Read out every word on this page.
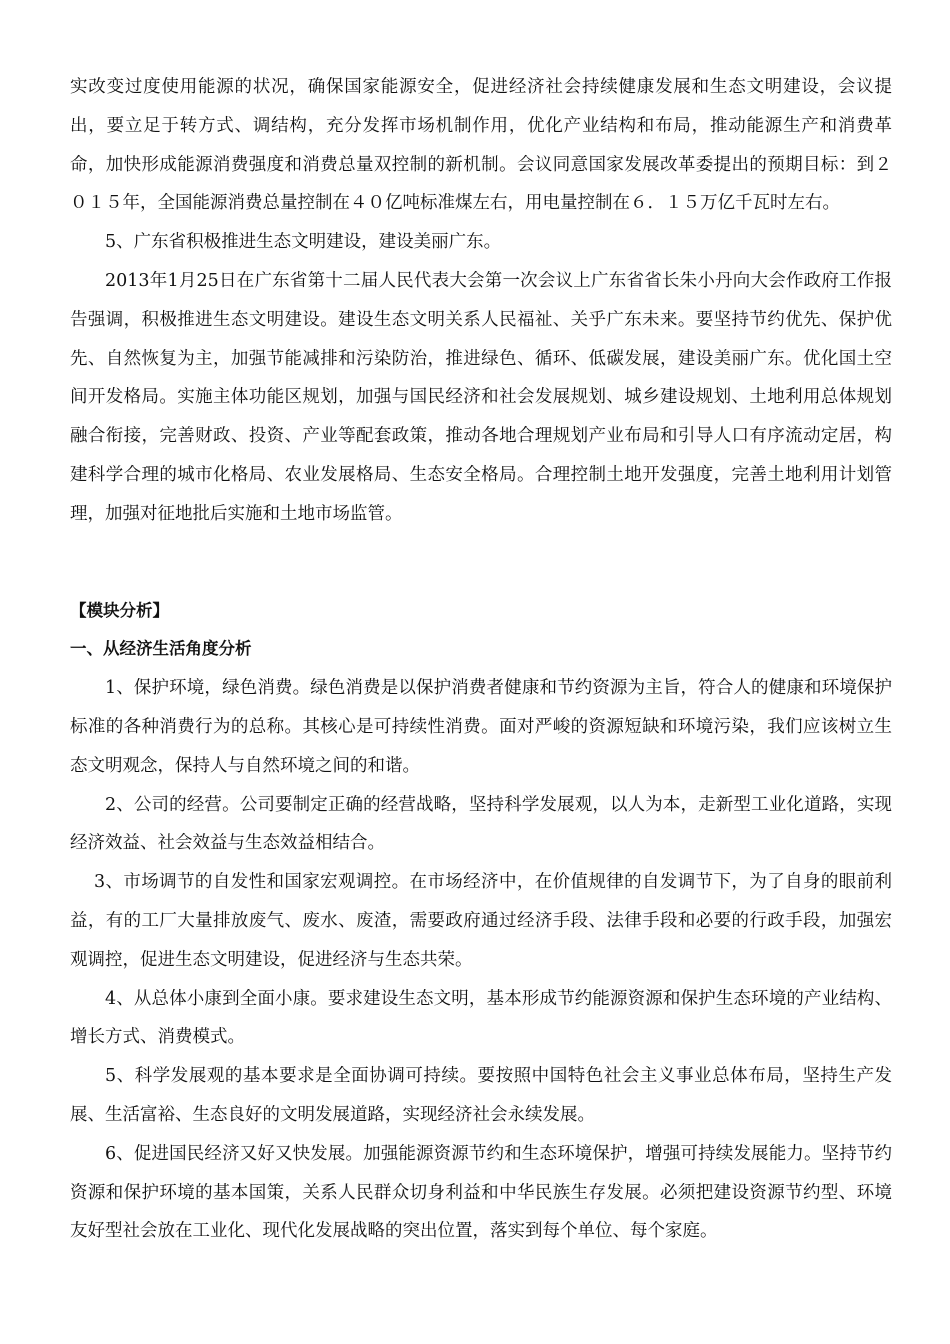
实改变过度使用能源的状况，确保国家能源安全，促进经济社会持续健康发展和生态文明建设，会议提出，要立足于转方式、调结构，充分发挥市场机制作用，优化产业结构和布局，推动能源生产和消费革命，加快形成能源消费强度和消费总量双控制的新机制。会议同意国家发展改革委提出的预期目标：到２０１５年，全国能源消费总量控制在４０亿吨标准煤左右，用电量控制在６．１５万亿千瓦时左右。

5、广东省积极推进生态文明建设，建设美丽广东。

2013年1月25日在广东省第十二届人民代表大会第一次会议上广东省省长朱小丹向大会作政府工作报告强调，积极推进生态文明建设。建设生态文明关系人民福祉、关乎广东未来。要坚持节约优先、保护优先、自然恢复为主，加强节能减排和污染防治，推进绿色、循环、低碳发展，建设美丽广东。优化国土空间开发格局。实施主体功能区规划，加强与国民经济和社会发展规划、城乡建设规划、土地利用总体规划融合衔接，完善财政、投资、产业等配套政策，推动各地合理规划产业布局和引导人口有序流动定居，构建科学合理的城市化格局、农业发展格局、生态安全格局。合理控制土地开发强度，完善土地利用计划管理，加强对征地批后实施和土地市场监管。

【模块分析】

一、从经济生活角度分析

1、保护环境，绿色消费。绿色消费是以保护消费者健康和节约资源为主旨，符合人的健康和环境保护标准的各种消费行为的总称。其核心是可持续性消费。面对严峻的资源短缺和环境污染，我们应该树立生态文明观念，保持人与自然环境之间的和谐。

2、公司的经营。公司要制定正确的经营战略，坚持科学发展观，以人为本，走新型工业化道路，实现经济效益、社会效益与生态效益相结合。

3、市场调节的自发性和国家宏观调控。在市场经济中，在价值规律的自发调节下，为了自身的眼前利益，有的工厂大量排放废气、废水、废渣，需要政府通过经济手段、法律手段和必要的行政手段，加强宏观调控，促进生态文明建设，促进经济与生态共荣。

4、从总体小康到全面小康。要求建设生态文明，基本形成节约能源资源和保护生态环境的产业结构、增长方式、消费模式。

5、科学发展观的基本要求是全面协调可持续。要按照中国特色社会主义事业总体布局，坚持生产发展、生活富裕、生态良好的文明发展道路，实现经济社会永续发展。

6、促进国民经济又好又快发展。加强能源资源节约和生态环境保护，增强可持续发展能力。坚持节约资源和保护环境的基本国策，关系人民群众切身利益和中华民族生存发展。必须把建设资源节约型、环境友好型社会放在工业化、现代化发展战略的突出位置，落实到每个单位、每个家庭。
